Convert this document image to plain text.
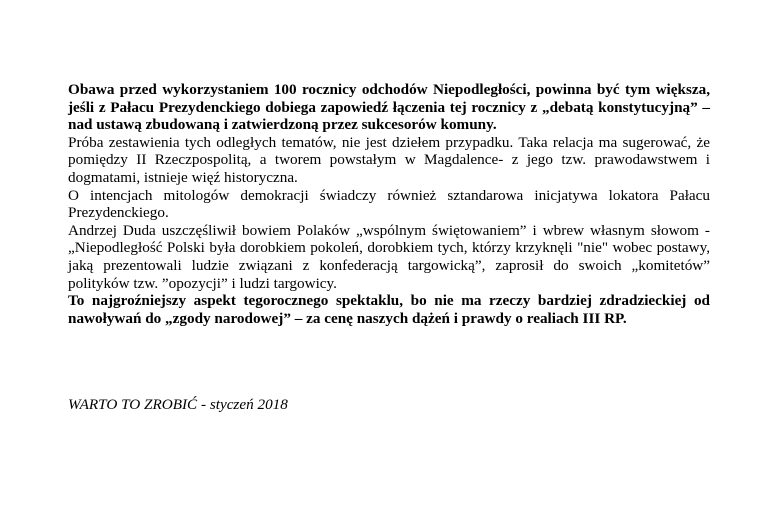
Obawa przed wykorzystaniem 100 rocznicy odchodów Niepodległości, powinna być tym większa, jeśli z Pałacu Prezydenckiego dobiega zapowiedź łączenia tej rocznicy z „debatą konstytucyjną” – nad ustawą zbudowaną i zatwierdzoną przez sukcesorów komuny.

Próba zestawienia tych odległych tematów, nie jest dziełem przypadku. Taka relacja ma sugerować, że pomiędzy II Rzeczpospolitą, a tworem powstałym w Magdalence- z jego tzw. prawodawstwem i dogmatami, istnieje więź historyczna.

O intencjach mitologów demokracji świadczy również sztandarowa inicjatywa lokatora Pałacu Prezydenckiego.

Andrzej Duda uszczęśliwił bowiem Polaków „wspólnym świętowaniem” i wbrew własnym słowom - „Niepodległość Polski była dorobkiem pokoleń, dorobkiem tych, którzy krzyknęli "nie" wobec postawy, jaką prezentowali ludzie związani z konfederacją targowicką”, zaprosił do swoich „komitetów” polityków tzw. ”opozycji” i ludzi targowicy.

To najgroźniejszy aspekt tegorocznego spektaklu, bo nie ma rzeczy bardziej zdradzieckiej od nawoływań do „zgody narodowej” – za cenę naszych dążeń i prawdy o realiach III RP.

WARTO TO ZROBIĆ - styczeń 2018
